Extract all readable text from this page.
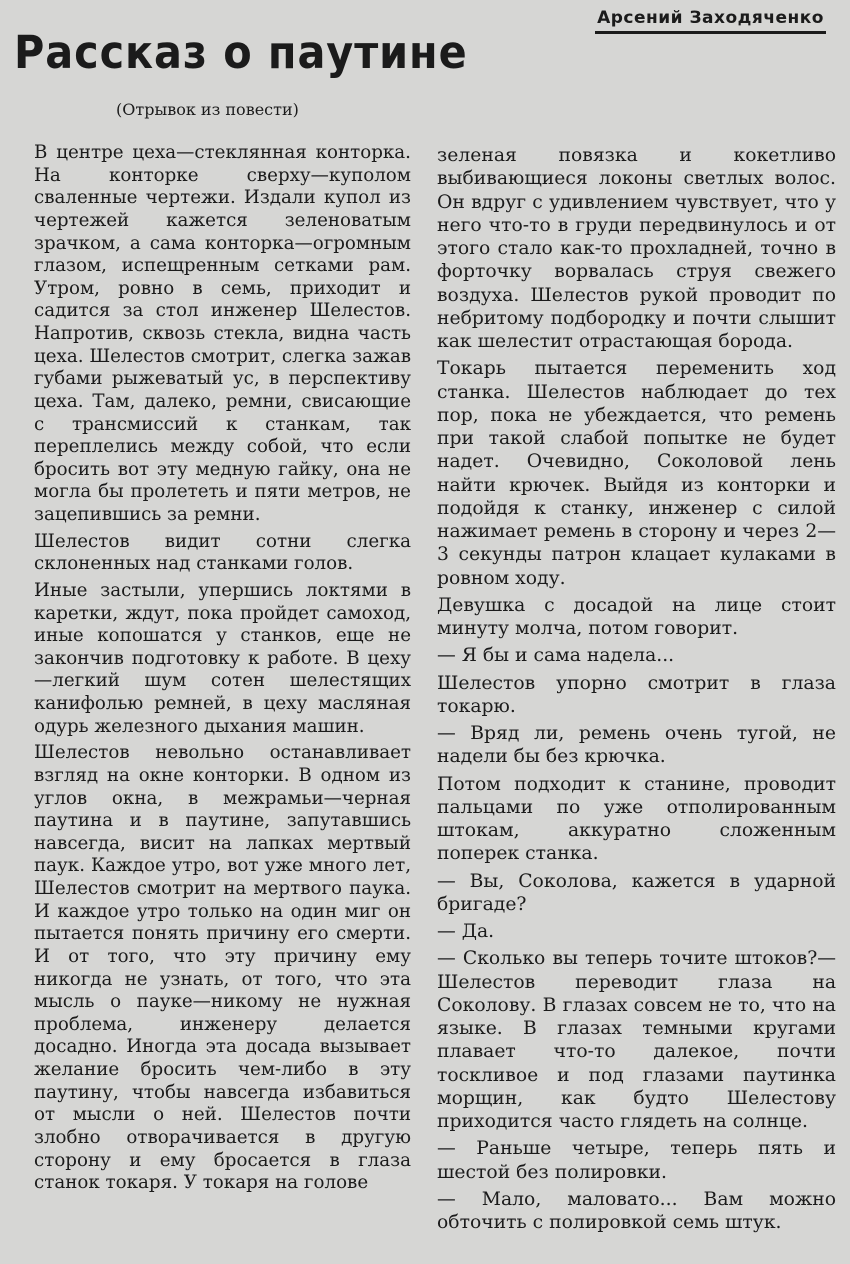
Арсений Заходяченко
Рассказ о паутине
(Отрывок из повести)

В центре цеха—стеклянная конторка. На конторке сверху—куполом сваленные чертежи. Издали купол из чертежей кажется зеленоватым зрачком, а сама конторка—огромным глазом, испещренным сетками рам. Утром, ровно в семь, приходит и садится за стол инженер Шелестов. Напротив, сквозь стекла, видна часть цеха. Шелестов смотрит, слегка зажав губами рыжеватый ус, в перспективу цеха. Там, далеко, ремни, свисающие с трансмиссий к станкам, так переплелись между собой, что если бросить вот эту медную гайку, она не могла бы пролететь и пяти метров, не зацепившись за ремни.

Шелестов видит сотни слегка склоненных над станками голов.

Иные застыли, упершись локтями в каретки, ждут, пока пройдет самоход, иные копошатся у станков, еще не закончив подготовку к работе. В цеху—легкий шум сотен шелестящих канифолью ремней, в цеху масляная одурь железного дыхания машин.

Шелестов невольно останавливает взгляд на окне конторки. В одном из углов окна, в межрамьи—черная паутина и в паутине, запутавшись навсегда, висит на лапках мертвый паук. Каждое утро, вот уже много лет, Шелестов смотрит на мертвого паука. И каждое утро только на один миг он пытается понять причину его смерти. И от того, что эту причину ему никогда не узнать, от того, что эта мысль о пауке—никому не нужная проблема, инженеру делается досадно. Иногда эта досада вызывает желание бросить чем-либо в эту паутину, чтобы навсегда избавиться от мысли о ней. Шелестов почти злобно отворачивается в другую сторону и ему бросается в глаза станок токаря. У токаря на голове

зеленая повязка и кокетливо выбивающиеся локоны светлых волос. Он вдруг с удивлением чувствует, что у него что-то в груди передвинулось и от этого стало как-то прохладней, точно в форточку ворвалась струя свежего воздуха. Шелестов рукой проводит по небритому подбородку и почти слышит как шелестит отрастающая борода.

Токарь пытается переменить ход станка. Шелестов наблюдает до тех пор, пока не убеждается, что ремень при такой слабой попытке не будет надет. Очевидно, Соколовой лень найти крючек. Выйдя из конторки и подойдя к станку, инженер с силой нажимает ремень в сторону и через 2—3 секунды патрон клацает кулаками в ровном ходу.

Девушка с досадой на лице стоит минуту молча, потом говорит.

— Я бы и сама надела...

Шелестов упорно смотрит в глаза токарю.

— Вряд ли, ремень очень тугой, не надели бы без крючка.

Потом подходит к станине, проводит пальцами по уже отполированным штокам, аккуратно сложенным поперек станка.

— Вы, Соколова, кажется в ударной бригаде?

— Да.

— Сколько вы теперь точите штоков?—Шелестов переводит глаза на Соколову. В глазах совсем не то, что на языке. В глазах темными кругами плавает что-то далекое, почти тоскливое и под глазами паутинка морщин, как будто Шелестову приходится часто глядеть на солнце.

— Раньше четыре, теперь пять и шестой без полировки.

— Мало, маловато... Вам можно обточить с полировкой семь штук.
